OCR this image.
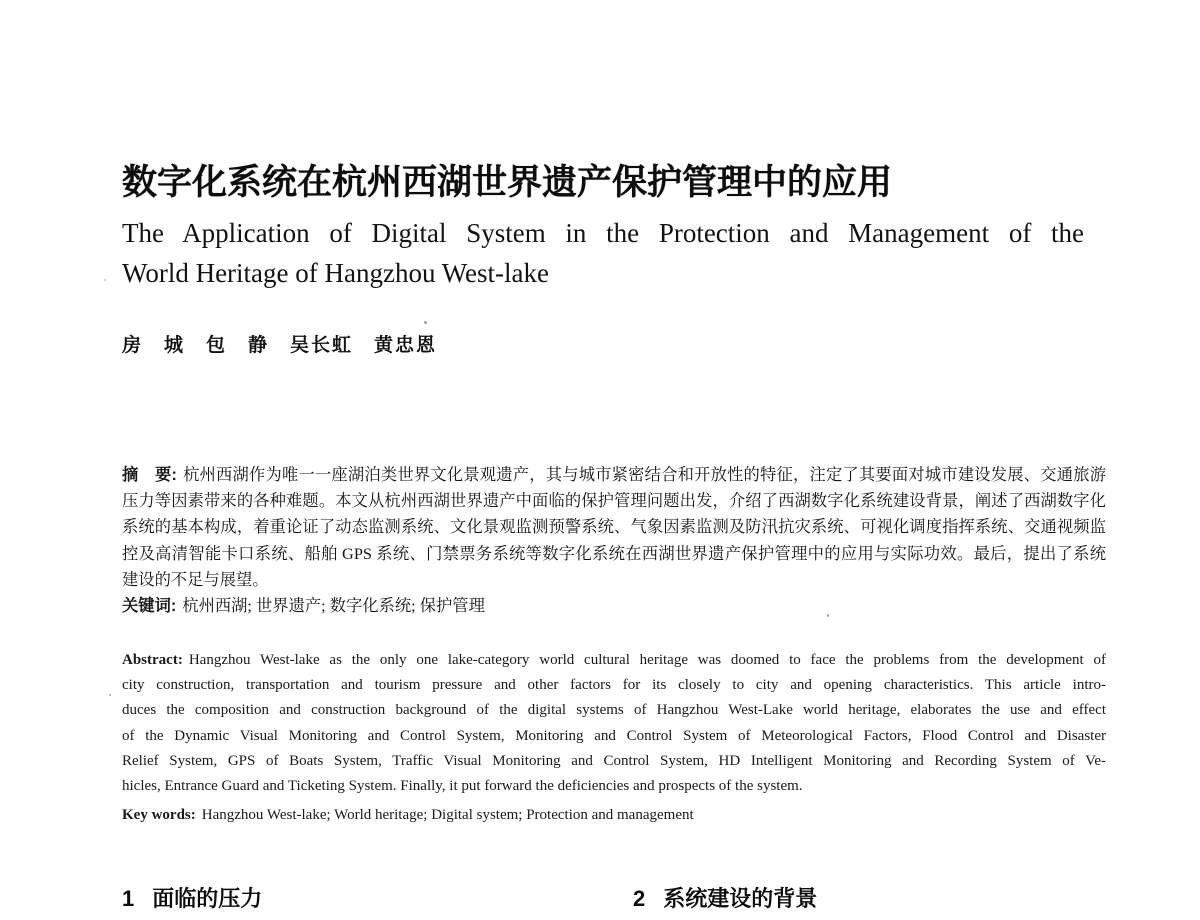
数字化系统在杭州西湖世界遗产保护管理中的应用
The Application of Digital System in the Protection and Management of the
World Heritage of Hangzhou West-lake
房　城　包　静　吴长虹　黄忠恩
摘　要: 杭州西湖作为唯一一座湖泊类世界文化景观遗产，其与城市紧密结合和开放性的特征，注定了其要面对城市建设发展、交通旅游
压力等因素带来的各种难题。本文从杭州西湖世界遗产中面临的保护管理问题出发，介绍了西湖数字化系统建设背景，阐述了西湖数字化
系统的基本构成，着重论证了动态监测系统、文化景观监测预警系统、气象因素监测及防汛抗灾系统、可视化调度指挥系统、交通视频监
控及高清智能卡口系统、船舶 GPS 系统、门禁票务系统等数字化系统在西湖世界遗产保护管理中的应用与实际功效。最后，提出了系统
建设的不足与展望。
关键词: 杭州西湖; 世界遗产; 数字化系统; 保护管理
Abstract: Hangzhou West-lake as the only one lake-category world cultural heritage was doomed to face the problems from the development of
city construction, transportation and tourism pressure and other factors for its closely to city and opening characteristics. This article intro-
duces the composition and construction background of the digital systems of Hangzhou West-Lake world heritage, elaborates the use and effect
of the Dynamic Visual Monitoring and Control System, Monitoring and Control System of Meteorological Factors, Flood Control and Disaster
Relief System, GPS of Boats System, Traffic Visual Monitoring and Control System, HD Intelligent Monitoring and Recording System of Ve-
hicles, Entrance Guard and Ticketing System. Finally, it put forward the deficiencies and prospects of the system.
Key words: Hangzhou West-lake; World heritage; Digital system; Protection and management
1 面临的压力	2 系统建设的背景
